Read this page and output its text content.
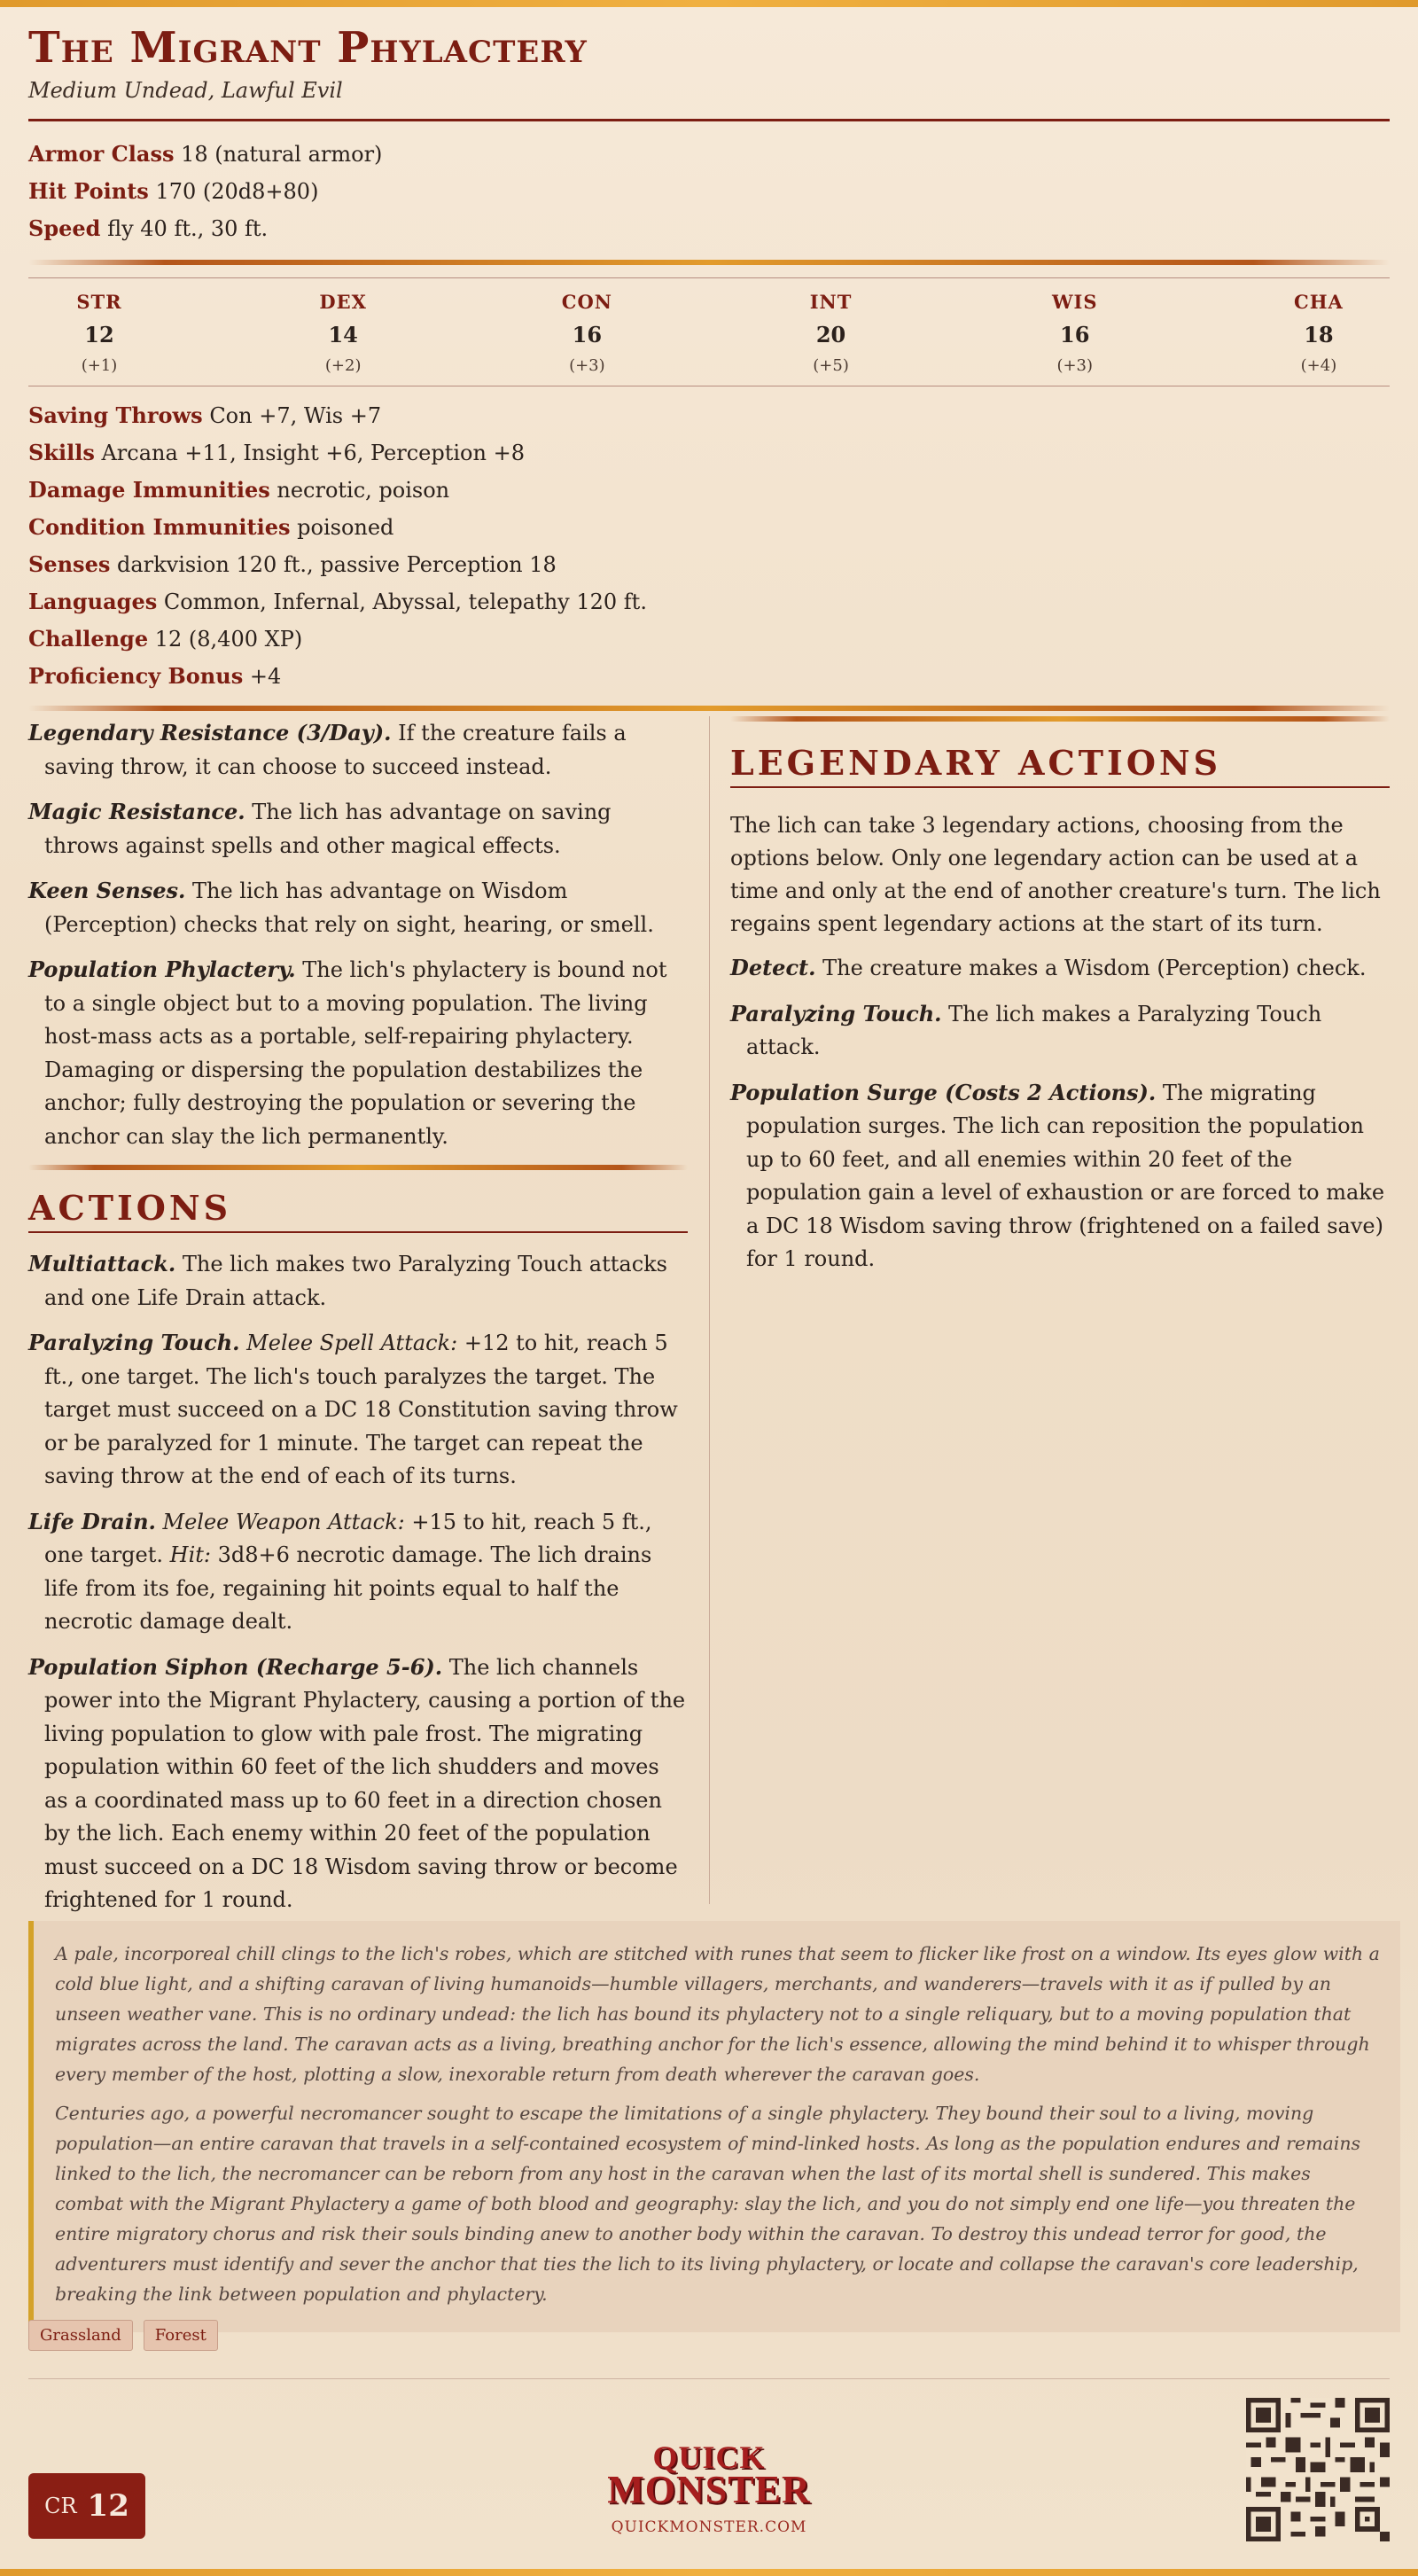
The Migrant Phylactery
Medium Undead, Lawful Evil
Armor Class 18 (natural armor)
Hit Points 170 (20d8+80)
Speed fly 40 ft., 30 ft.
STR
12
(+1)
DEX
14
(+2)
CON
16
(+3)
INT
20
(+5)
WIS
16
(+3)
CHA
18
(+4)
Saving Throws Con +7, Wis +7
Skills Arcana +11, Insight +6, Perception +8
Damage Immunities necrotic, poison
Condition Immunities poisoned
Senses darkvision 120 ft., passive Perception 18
Languages Common, Infernal, Abyssal, telepathy 120 ft.
Challenge 12 (8,400 XP)
Proficiency Bonus +4

Legendary Resistance (3/Day). If the creature fails a saving throw, it can choose to succeed instead.

Magic Resistance. The lich has advantage on saving throws against spells and other magical effects.

Keen Senses. The lich has advantage on Wisdom (Perception) checks that rely on sight, hearing, or smell.

Population Phylactery. The lich's phylactery is bound not to a single object but to a moving population. The living host-mass acts as a portable, self-repairing phylactery. Damaging or dispersing the population destabilizes the anchor; fully destroying the population or severing the anchor can slay the lich permanently.

ACTIONS

Multiattack. The lich makes two Paralyzing Touch attacks and one Life Drain attack.

Paralyzing Touch. Melee Spell Attack: +12 to hit, reach 5 ft., one target. The lich's touch paralyzes the target. The target must succeed on a DC 18 Constitution saving throw or be paralyzed for 1 minute. The target can repeat the saving throw at the end of each of its turns.

Life Drain. Melee Weapon Attack: +15 to hit, reach 5 ft., one target. Hit: 3d8+6 necrotic damage. The lich drains life from its foe, regaining hit points equal to half the necrotic damage dealt.

Population Siphon (Recharge 5-6). The lich channels power into the Migrant Phylactery, causing a portion of the living population to glow with pale frost. The migrating population within 60 feet of the lich shudders and moves as a coordinated mass up to 60 feet in a direction chosen by the lich. Each enemy within 20 feet of the population must succeed on a DC 18 Wisdom saving throw or become frightened for 1 round.

LEGENDARY ACTIONS

The lich can take 3 legendary actions, choosing from the options below. Only one legendary action can be used at a time and only at the end of another creature's turn. The lich regains spent legendary actions at the start of its turn.

Detect. The creature makes a Wisdom (Perception) check.

Paralyzing Touch. The lich makes a Paralyzing Touch attack.

Population Surge (Costs 2 Actions). The migrating population surges. The lich can reposition the population up to 60 feet, and all enemies within 20 feet of the population gain a level of exhaustion or are forced to make a DC 18 Wisdom saving throw (frightened on a failed save) for 1 round.

A pale, incorporeal chill clings to the lich's robes, which are stitched with runes that seem to flicker like frost on a window. Its eyes glow with a cold blue light, and a shifting caravan of living humanoids—humble villagers, merchants, and wanderers—travels with it as if pulled by an unseen weather vane. This is no ordinary undead: the lich has bound its phylactery not to a single reliquary, but to a moving population that migrates across the land. The caravan acts as a living, breathing anchor for the lich's essence, allowing the mind behind it to whisper through every member of the host, plotting a slow, inexorable return from death wherever the caravan goes.

Centuries ago, a powerful necromancer sought to escape the limitations of a single phylactery. They bound their soul to a living, moving population—an entire caravan that travels in a self-contained ecosystem of mind-linked hosts. As long as the population endures and remains linked to the lich, the necromancer can be reborn from any host in the caravan when the last of its mortal shell is sundered. This makes combat with the Migrant Phylactery a game of both blood and geography: slay the lich, and you do not simply end one life—you threaten the entire migratory chorus and risk their souls binding anew to another body within the caravan. To destroy this undead terror for good, the adventurers must identify and sever the anchor that ties the lich to its living phylactery, or locate and collapse the caravan's core leadership, breaking the link between population and phylactery.

Grassland	Forest
CR 12
QUICK
MONSTER
QUICKMONSTER.COM
